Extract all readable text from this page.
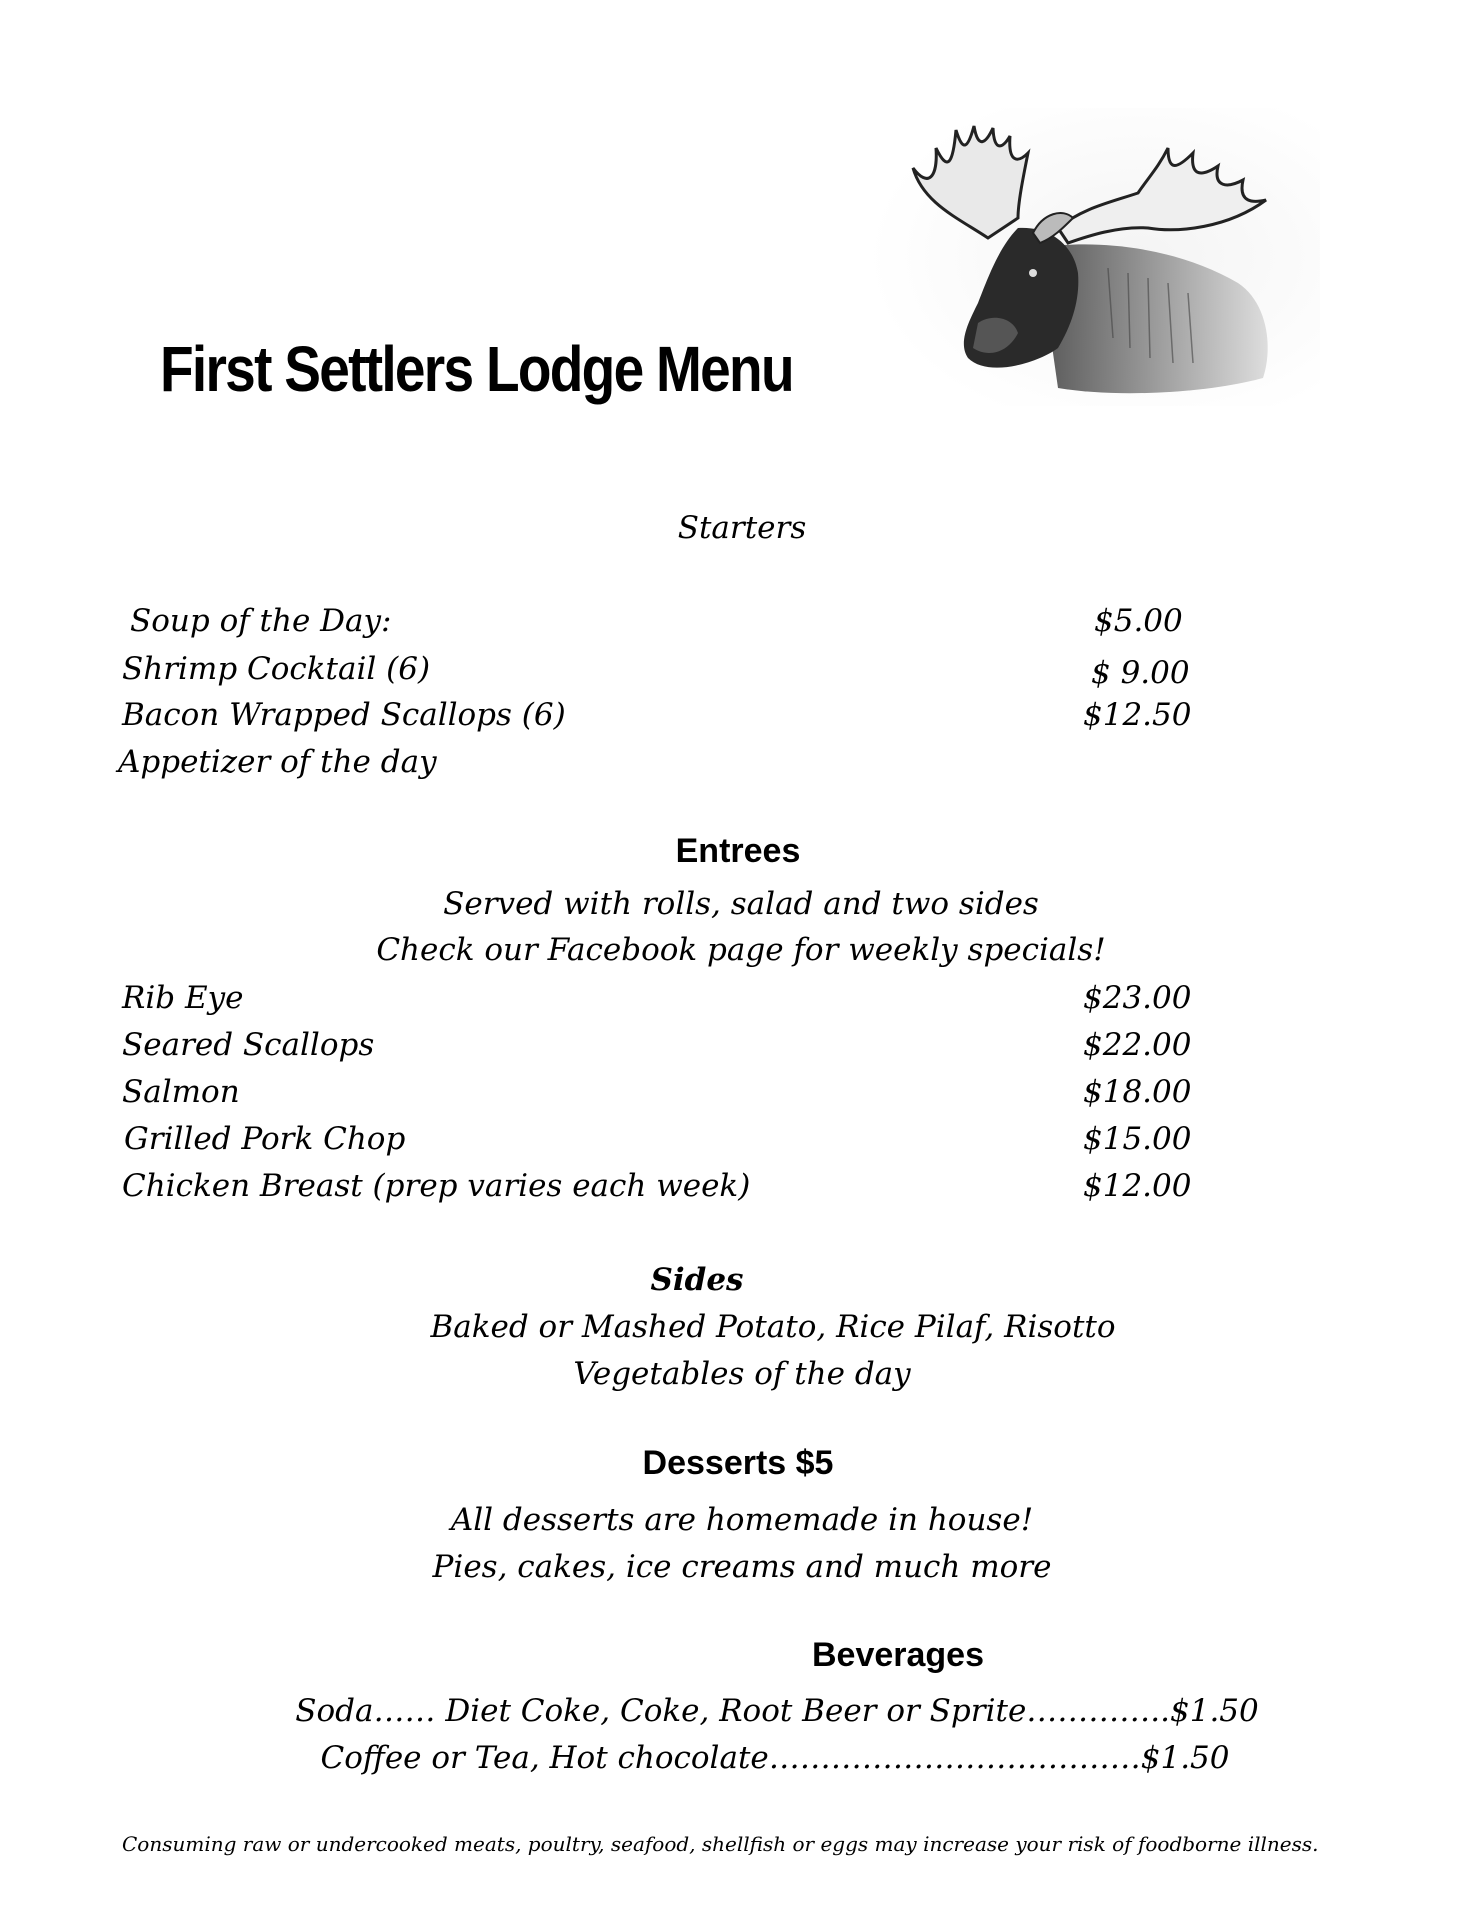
First Settlers Lodge Menu
Starters
Soup of the Day:	$5.00
Shrimp Cocktail (6)	$ 9.00
Bacon Wrapped Scallops (6)	$12.50
Appetizer of the day
Entrees
Served with rolls, salad and two sides
Check our Facebook page for weekly specials!
Rib Eye	$23.00
Seared Scallops	$22.00
Salmon	$18.00
Grilled Pork Chop	$15.00
Chicken Breast (prep varies each week)	$12.00
Sides
Baked or Mashed Potato, Rice Pilaf, Risotto
Vegetables of the day
Desserts $5
All desserts are homemade in house!
Pies, cakes, ice creams and much more
Beverages
Soda…… Diet Coke, Coke, Root Beer or Sprite…………..$1.50
Coffee or Tea, Hot chocolate………………………………$1.50
Consuming raw or undercooked meats, poultry, seafood, shellfish or eggs may increase your risk of foodborne illness.
